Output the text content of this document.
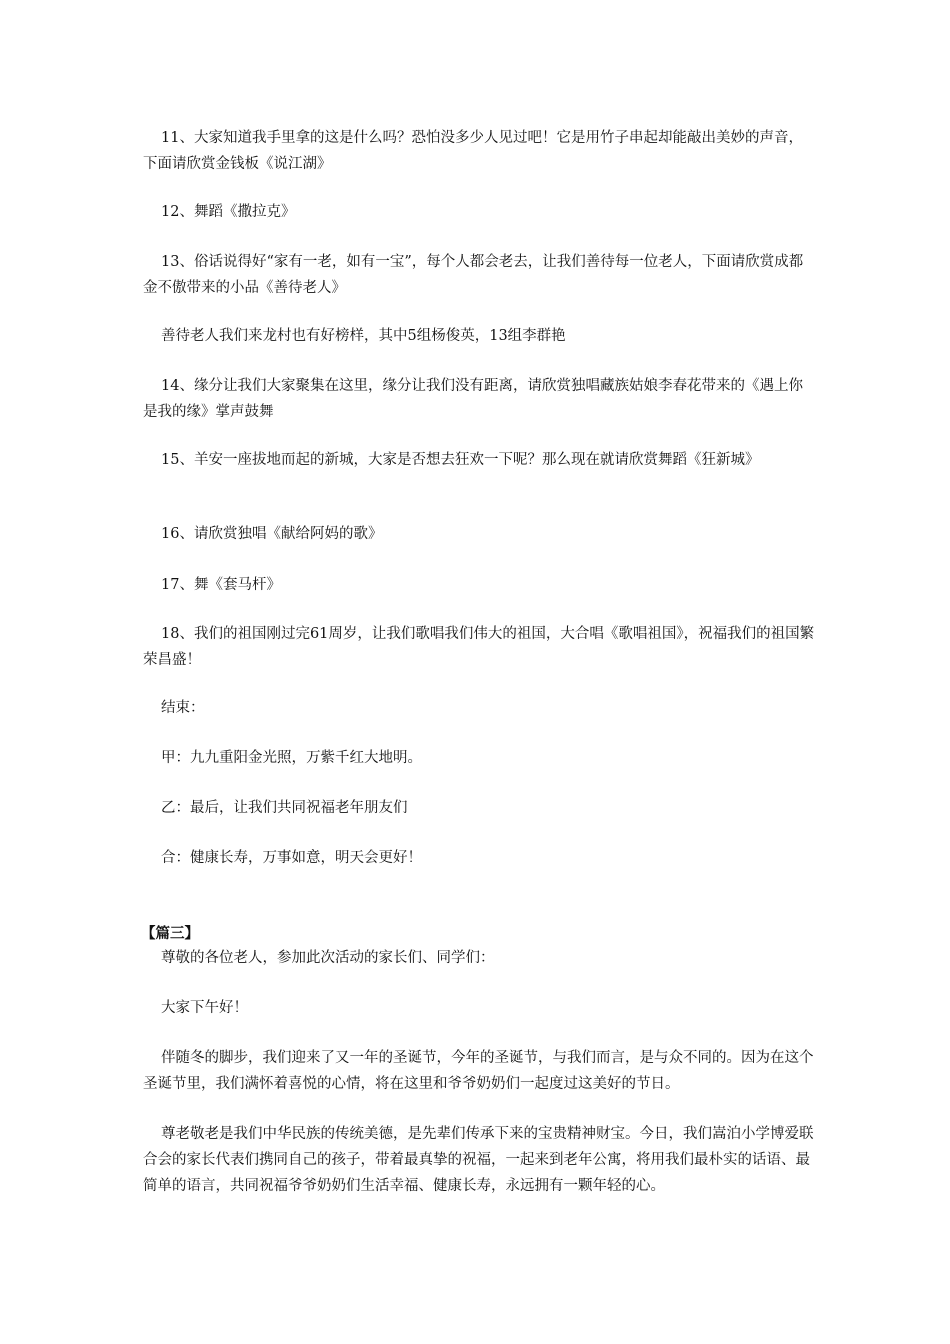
11、大家知道我手里拿的这是什么吗？恐怕没多少人见过吧！它是用竹子串起却能敲出美妙的声音，下面请欣赏金钱板《说江湖》

12、舞蹈《撒拉克》

13、俗话说得好“家有一老，如有一宝”，每个人都会老去，让我们善待每一位老人，下面请欣赏成都金不傲带来的小品《善待老人》

善待老人我们来龙村也有好榜样，其中5组杨俊英，13组李群艳

14、缘分让我们大家聚集在这里，缘分让我们没有距离，请欣赏独唱藏族姑娘李春花带来的《遇上你是我的缘》掌声鼓舞

15、羊安一座拔地而起的新城，大家是否想去狂欢一下呢？那么现在就请欣赏舞蹈《狂新城》

16、请欣赏独唱《献给阿妈的歌》

17、舞《套马杆》

18、我们的祖国刚过完61周岁，让我们歌唱我们伟大的祖国，大合唱《歌唱祖国》，祝福我们的祖国繁荣昌盛！

结束：

甲：九九重阳金光照，万紫千红大地明。

乙：最后，让我们共同祝福老年朋友们

合：健康长寿，万事如意，明天会更好！

【篇三】

尊敬的各位老人，参加此次活动的家长们、同学们：

大家下午好！

伴随冬的脚步，我们迎来了又一年的圣诞节，今年的圣诞节，与我们而言，是与众不同的。因为在这个圣诞节里，我们满怀着喜悦的心情，将在这里和爷爷奶奶们一起度过这美好的节日。

尊老敬老是我们中华民族的传统美德，是先辈们传承下来的宝贵精神财宝。今日，我们嵩泊小学博爱联合会的家长代表们携同自己的孩子，带着最真挚的祝福，一起来到老年公寓，将用我们最朴实的话语、最简单的语言，共同祝福爷爷奶奶们生活幸福、健康长寿，永远拥有一颗年轻的心。
